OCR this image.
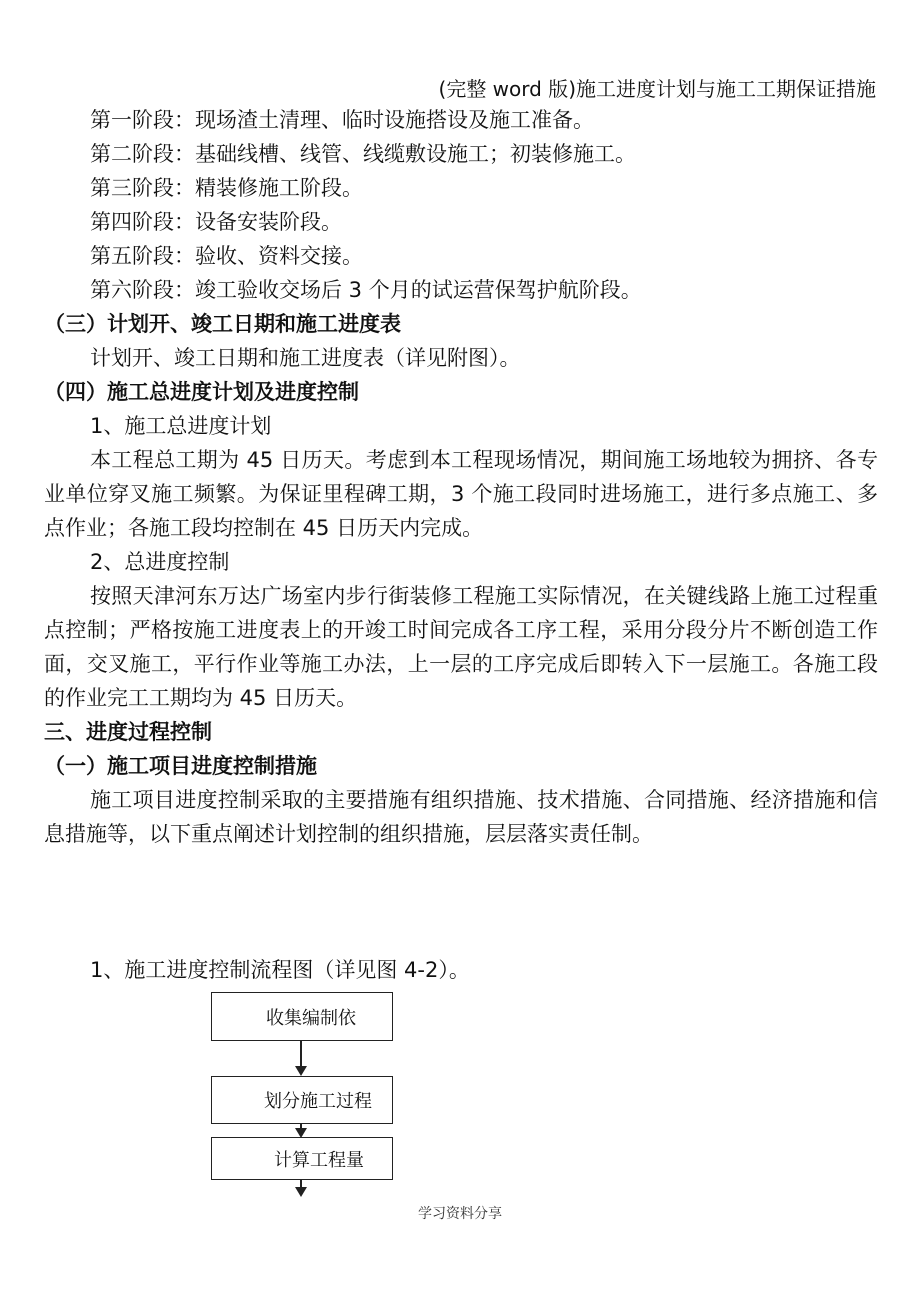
(完整 word 版)施工进度计划与施工工期保证措施
第一阶段：现场渣土清理、临时设施搭设及施工准备。
第二阶段：基础线槽、线管、线缆敷设施工；初装修施工。
第三阶段：精装修施工阶段。
第四阶段：设备安装阶段。
第五阶段：验收、资料交接。
第六阶段：竣工验收交场后 3 个月的试运营保驾护航阶段。
（三）计划开、竣工日期和施工进度表
计划开、竣工日期和施工进度表（详见附图）。
（四）施工总进度计划及进度控制
1、施工总进度计划
本工程总工期为 45 日历天。考虑到本工程现场情况，期间施工场地较为拥挤、各专业单位穿叉施工频繁。为保证里程碑工期，3 个施工段同时进场施工，进行多点施工、多点作业；各施工段均控制在 45 日历天内完成。
2、总进度控制
按照天津河东万达广场室内步行街装修工程施工实际情况，在关键线路上施工过程重点控制；严格按施工进度表上的开竣工时间完成各工序工程，采用分段分片不断创造工作面，交叉施工，平行作业等施工办法，上一层的工序完成后即转入下一层施工。各施工段的作业完工工期均为 45 日历天。
三、进度过程控制
（一）施工项目进度控制措施
施工项目进度控制采取的主要措施有组织措施、技术措施、合同措施、经济措施和信息措施等，以下重点阐述计划控制的组织措施，层层落实责任制。
1、施工进度控制流程图（详见图 4-2）。
收集编制依
划分施工过程
计算工程量
学习资料分享
